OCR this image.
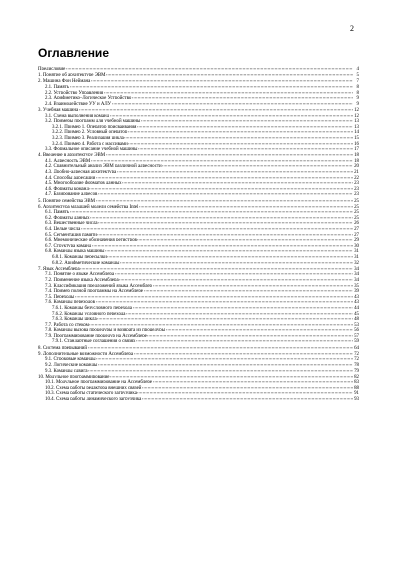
2
Оглавление
Предисловие	4
1. Понятие об архитектуре ЭВМ	5
2. Машина Фон Неймана	7
2.1. Память	8
2.2. Устройство Управления	8
2.3. Арифметико–Логическое Устройство	9
2.4. Взаимодействие УУ и АЛУ	9
3. Учебная машина	12
3.1. Схема выполнения команд	12
3.2. Примеры программ для учебной машины	13
3.2.1. Пример 1. Оператор присваивания	13
3.2.2. Пример 2. Условный оператор	14
3.2.3. Пример 3. Реализация цикла	15
3.2.4. Пример 4. Работа с массивами	16
3.3. Формальное описание учебной машины	17
4. Введение в архитектуру ЭВМ	18
4.1. Адресность ЭВМ	18
4.2. Сравнительный анализ ЭВМ различной адресности	20
4.3. Дробно-адресная архитектура	21
4.4. Способы адресации	22
4.5. Многообразие форматов данных	23
4.6. Форматы команд	23
4.7. Базирование адресов	23
5. Понятие семейства ЭВМ	25
6. Архитектура младшей модели семейства Intel	25
6.1. Память	25
6.2. Форматы данных	25
6.3. Вещественные числа	26
6.4. Целые числа	27
6.5. Сегментация памяти	27
6.6. Мнемонические обозначения регистров	29
6.7. Структура команд	30
6.8. Команды языка машины	31
6.8.1. Команды пересылки	31
6.8.2. Арифметические команды	32
7. Язык Ассемблера	34
7.1. Понятие о языке Ассемблера	34
7.2. Применение языка Ассемблера	34
7.3. Классификация предложений языка Ассемблер	35
7.4. Пример полной программы на Ассемблере	39
7.5. Переходы	43
7.6. Команды переходов	43
7.6.1. Команды безусловного перехода	44
7.6.2. Команды условного перехода	45
7.6.3. Команды цикла	48
7.7. Работа со стеком	53
7.8. Команды вызова процедуры и возврата из процедуры	56
7.9. Программирование процедур на Ассемблере	57
7.9.1. Стандартные соглашения о связях	59
8. Система прерываний	64
9. Дополнительные возможности Ассемблера	72
9.1. Строковые команды	72
9.2. Логические команды	78
9.3. Команды сдвига	79
10. Модульное программирование	82
10.1. Модульное программирование на Ассемблере	83
10.2. Схема работы редактора внешних связей	88
10.3. Схема работы статического загрузчика	91
10.4. Схема работы динамического загрузчика	93
